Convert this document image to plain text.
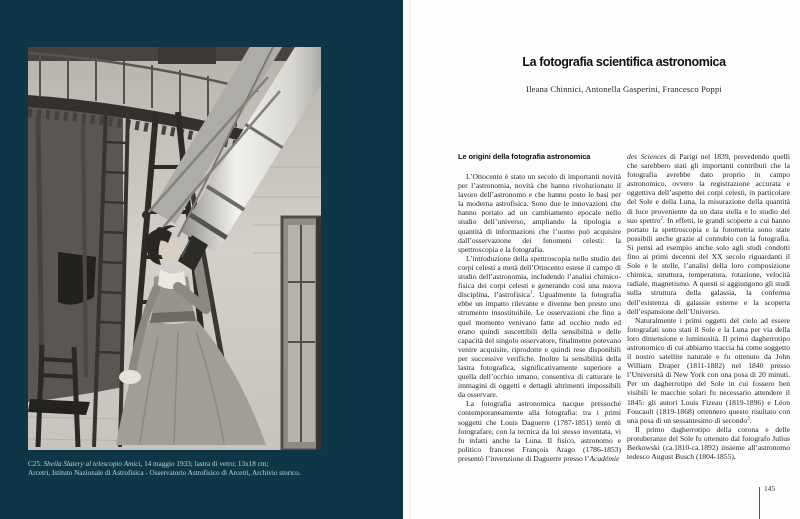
C25. Sheila Slatery al telescopio Amici, 14 maggio 1933; lastra di vetro; 13x18 cm;
Arcetri, Istituto Nazionale di Astrofisica - Osservatorio Astrofisico di Arcetri, Archivio storico.
La fotografia scientifica astronomica
Ileana Chinnici, Antonella Gasperini, Francesco Poppi
Le origini della fotografia astronomica

L’Ottocento è stato un secolo di importanti novità per l’astronomia, novità che hanno rivoluzionato il lavoro dell’astronomo e che hanno posto le basi per la moderna astrofisica. Sono due le innovazioni che hanno portato ad un cambiamento epocale nello studio dell’universo, ampliando la tipologia e quantità di informazioni che l’uomo può acquisire dall’osservazione dei fenomeni celesti: la spettroscopia e la fotografia.

L’introduzione della spettroscopia nello studio dei corpi celesti a metà dell’Ottocento estese il campo di studio dell’astronomia, includendo l’analisi chimico-fisica dei corpi celesti e generando così una nuova disciplina, l’astrofisica$^1$. Ugualmente la fotografia ebbe un impatto rilevante e divenne ben presto uno strumento insostituibile. Le osservazioni che fino a quel momento venivano fatte ad occhio nudo ed erano quindi suscettibili della sensibilità e delle capacità del singolo osservatore, finalmente potevano venire acquisite, riprodotte e quindi rese disponibili per successive verifiche. Inoltre la sensibilità della lastra fotografica, significativamente superiore a quella dell’occhio umano, consentiva di catturare le immagini di oggetti e dettagli altrimenti impossibili da osservare.

La fotografia astronomica nacque pressoché contemporaneamente alla fotografia: tra i primi soggetti che Louis Daguerre (1787-1851) tentò di fotografare, con la tecnica da lui stesso inventata, vi fu infatti anche la Luna. Il fisico, astronomo e politico francese François Arago (1786-1853) presentò l’invenzione di Daguerre presso l’Académie

des Sciences di Parigi nel 1839, prevedendo quelli che sarebbero stati gli importanti contributi che la fotografia avrebbe dato proprio in campo astronomico, ovvero la registrazione accurata e oggettiva dell’aspetto dei corpi celesti, in particolare del Sole e della Luna, la misurazione della quantità di luce proveniente da un data stella e lo studio del suo spettro$^2$. In effetti, le grandi scoperte a cui hanno portato la spettroscopia e la fotometria sono state possibili anche grazie al connubio con la fotografia. Si pensi ad esempio anche solo agli studi condotti fino ai primi decenni del XX secolo riguardanti il Sole e le stelle, l’analisi della loro composizione chimica, struttura, temperatura, rotazione, velocità radiale, magnetismo. A questi si aggiungono gli studi sulla struttura della galassia, la conferma dell’esistenza di galassie esterne e la scoperta dell’espansione dell’Universo.

Naturalmente i primi oggetti del cielo ad essere fotografati sono stati il Sole e la Luna per via della loro dimensione e luminosità. Il primo dagherrotipo astronomico di cui abbiamo traccia ha come soggetto il nostro satellite naturale e fu ottenuto da John William Draper (1811-1882) nel 1840 presso l’Università di New York con una posa di 20 minuti. Per un dagherrotipo del Sole in cui fossero ben visibili le macchie solari fu necessario attendere il 1845: gli autori Louis Fizeau (1819-1896) e Léon Foucault (1819-1868) ottennero questo risultato con una posa di un sessantesimo di secondo$^3$.

Il primo dagherrotipo della corona e delle protuberanze del Sole fu ottenuto dal fotografo Julius Berkowski (ca.1810-ca.1892) insieme all’astronomo tedesco August Busch (1804-1855),

145
